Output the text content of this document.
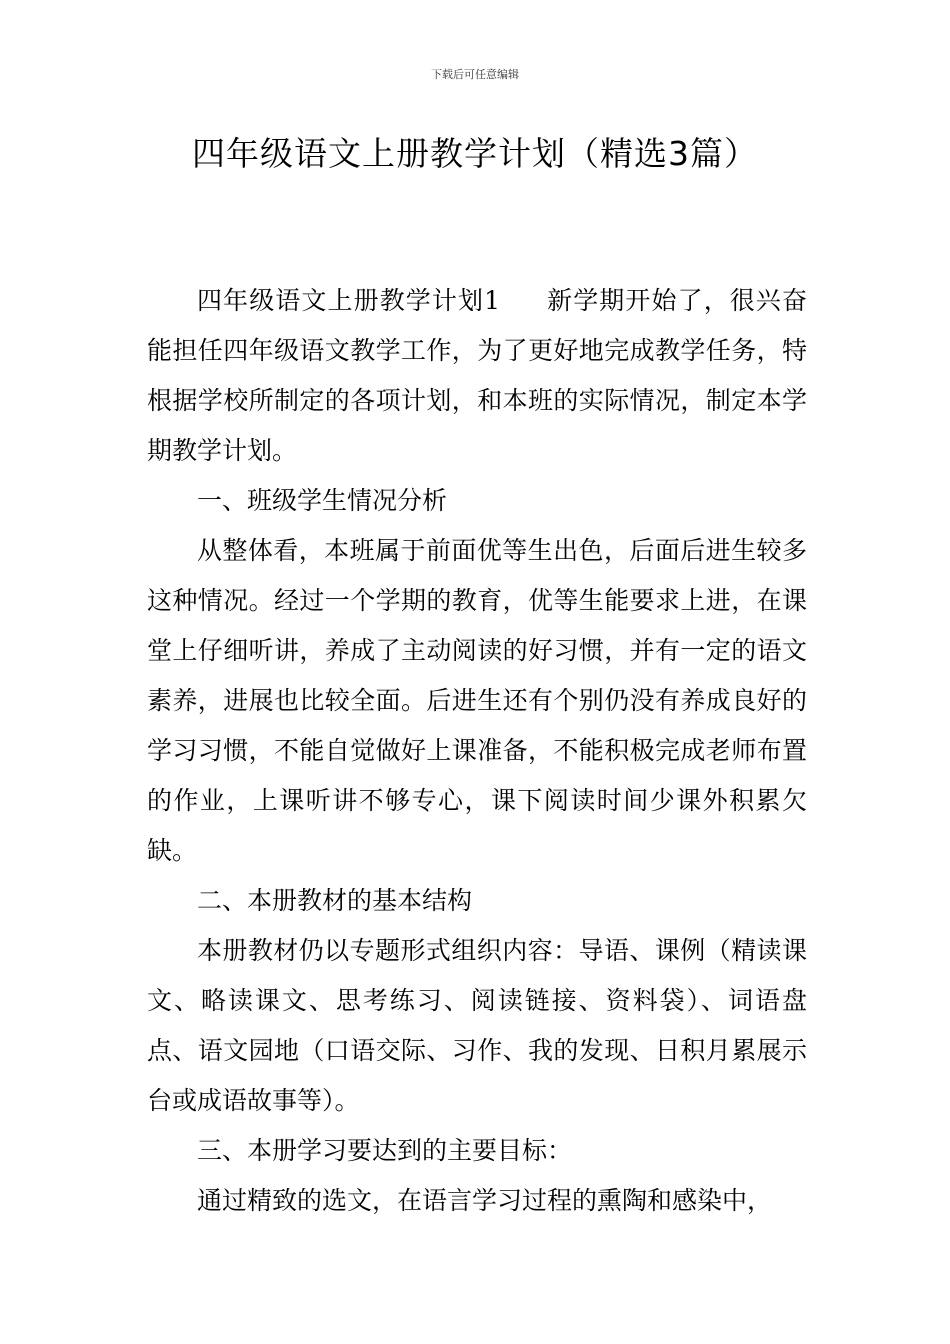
下载后可任意编辑
四年级语文上册教学计划（精选3篇）

四年级语文上册教学计划1 新学期开始了，很兴奋能担任四年级语文教学工作，为了更好地完成教学任务，特根据学校所制定的各项计划，和本班的实际情况，制定本学期教学计划。

一、班级学生情况分析

从整体看，本班属于前面优等生出色，后面后进生较多这种情况。经过一个学期的教育，优等生能要求上进，在课堂上仔细听讲，养成了主动阅读的好习惯，并有一定的语文素养，进展也比较全面。后进生还有个别仍没有养成良好的学习习惯，不能自觉做好上课准备，不能积极完成老师布置的作业，上课听讲不够专心，课下阅读时间少课外积累欠缺。

二、本册教材的基本结构

本册教材仍以专题形式组织内容：导语、课例（精读课文、略读课文、思考练习、阅读链接、资料袋）、词语盘点、语文园地（口语交际、习作、我的发现、日积月累展示台或成语故事等）。

三、本册学习要达到的主要目标：

通过精致的选文，在语言学习过程的熏陶和感染中，
